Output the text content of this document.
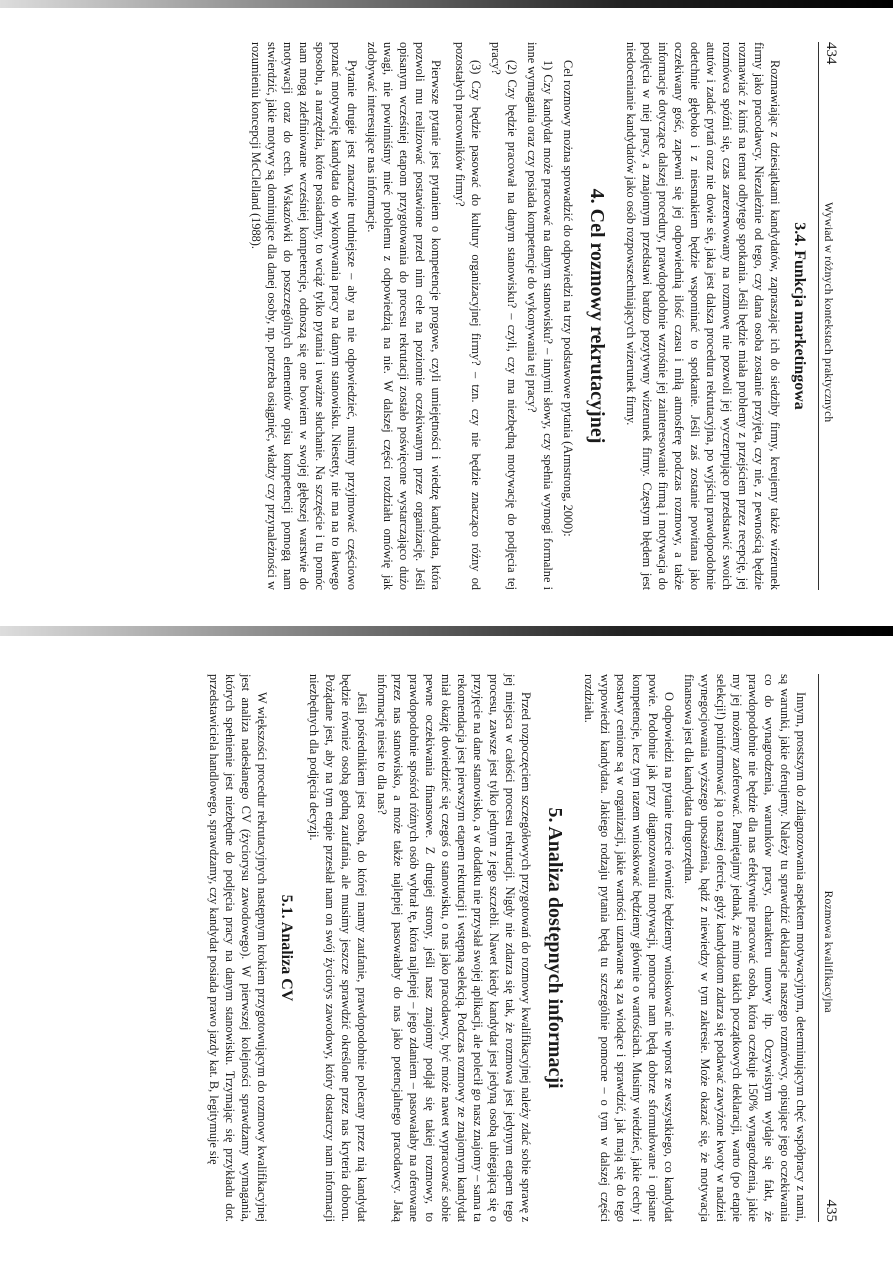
434
Wywiad w różnych kontekstach praktycznych
3.4. Funkcja marketingowa

Rozmawiając z dziesiątkami kandydatów, zapraszając ich do siedziby firmy, kreujemy także wizerunek firmy jako pracodawcy. Niezależnie od tego, czy dana osoba zostanie przyjęta, czy nie, z pewnością będzie rozmawiać z kimś na temat odbytego spotkania. Jeśli będzie miała problemy z przejściem przez recepcję, jej rozmówca spóźni się, czas zarezerwowany na rozmowę nie pozwoli jej wyczerpująco przedstawić swoich atutów i zadać pytań oraz nie dowie się, jaka jest dalsza procedura rekrutacyjna, po wyjściu prawdopodobnie odetchnie głęboko i z niesmakiem będzie wspominać to spotkanie. Jeśli zaś zostanie powitana jako oczekiwany gość, zapewni się jej odpowiednią ilość czasu i miłą atmosferę podczas rozmowy, a także informacje dotyczące dalszej procedury, prawdopodobnie wzrośnie jej zainteresowanie firmą i motywacja do podjęcia w niej pracy, a znajomym przedstawi bardzo pozytywny wizerunek firmy. Częstym błędem jest niedocenianie kandydatów jako osób rozpowszechniających wizerunek firmy.

4. Cel rozmowy rekrutacyjnej

Cel rozmowy można sprowadzić do odpowiedzi na trzy podstawowe pytania (Armstrong, 2000):

1) Czy kandydat może pracować na danym stanowisku? – innymi słowy, czy spełnia wymogi formalne i inne wymagania oraz czy posiada kompetencje do wykonywania tej pracy?

(2) Czy będzie pracował na danym stanowisku? – czyli, czy ma niezbędną motywację do podjęcia tej pracy?

(3) Czy będzie pasować do kultury organizacyjnej firmy? – tzn. czy nie będzie znacząco różny od pozostałych pracowników firmy?

Pierwsze pytanie jest pytaniem o kompetencje progowe, czyli umiejętności i wiedzę kandydata, która pozwoli mu realizować postawione przed nim cele na poziomie oczekiwanym przez organizację. Jeśli opisanym wcześniej etapom przygotowania do procesu rekrutacji zostało poświęcone wystarczająco dużo uwagi, nie powinniśmy mieć problemu z odpowiedzią na nie. W dalszej części rozdziału omówię jak zdobywać interesujące nas informacje.

Pytanie drugie jest znacznie trudniejsze – aby na nie odpowiedzieć, musimy przyjmować częściowo poznać motywację kandydata do wykonywania pracy na danym stanowisku. Niestety, nie ma na to łatwego sposobu, a narzędzia, które posiadamy, to wciąż tylko pytania i uważne słuchanie. Na szczęście i tu pomóc nam mogą zdefiniowane wcześniej kompetencje, odnoszą się one bowiem w swojej głębszej warstwie do motywacji oraz do cech. Wskazówki do poszczególnych elementów opisu kompetencji pomogą nam stwierdzić, jakie motywy są dominujące dla danej osoby, np. potrzeba osiągnięć, władzy czy przynależności w rozumieniu koncepcji McClelland (1988).

Rozmowa kwalifikacyjna
435

Innym, prostszym do zdiagnozowania aspektem motywacyjnym, determinującym chęć współpracy z nami, są warunki, jakie oferujemy. Należy tu sprawdzić deklaracje naszego rozmówcy, opisujące jego oczekiwania co do wynagrodzenia, warunków pracy, charakteru umowy itp. Oczywistym wydaje się fakt, że prawdopodobnie nie będzie dla nas efektywnie pracować osoba, która oczekuje 150% wynagrodzenia, jakie my jej możemy zaoferować. Pamiętajmy jednak, że mimo takich początkowych deklaracji, warto (po etapie selekcji!) poinformować ją o naszej ofercie, gdyż kandydatom zdarza się podawać zawyżone kwoty w nadziei wynegocjowania wyższego uposażenia, bądź z niewiedzy w tym zakresie. Może okazać się, że motywacja finansowa jest dla kandydata drugorzędna.

O odpowiedzi na pytanie trzecie również będziemy wnioskować nie wprost ze wszystkiego, co kandydat powie. Podobnie jak przy diagnozowaniu motywacji, pomocne nam będą dobrze sformułowane i opisane kompetencje, lecz tym razem wnioskować będziemy głównie o wartościach. Musimy wiedzieć, jakie cechy i postawy cenione są w organizacji, jakie wartości uznawane są za wiodące i sprawdzić, jak mają się do tego wypowiedzi kandydata. Jakiego rodzaju pytania będą tu szczególnie pomocne – o tym w dalszej części rozdziału.

5. Analiza dostępnych informacji

Przed rozpoczęciem szczegółowych przygotowań do rozmowy kwalifikacyjnej należy zdać sobie sprawę z jej miejsca w całości procesu rekrutacji. Nigdy nie zdarza się tak, że rozmowa jest jedynym etapem tego procesu, zawsze jest tylko jednym z jego szczebli. Nawet kiedy kandydat jest jedyną osobą ubiegającą się o przyjęcie na dane stanowisko, a w dodatku nie przysłał swojej aplikacji, ale polecił go nasz znajomy – sama ta rekomendacja jest pierwszym etapem rekrutacji i wstępną selekcją. Podczas rozmowy ze znajomym kandydat miał okazję dowiedzieć się czegoś o stanowisku, o nas jako pracodawcy, być może nawet wypracować sobie pewne oczekiwania finansowe. Z drugiej strony, jeśli nasz znajomy podjął się takiej rozmowy, to prawdopodobnie spośród różnych osób wybrał tę, która najlepiej – jego zdaniem – pasowałaby na oferowane przez nas stanowisko, a może także najlepiej pasowałaby do nas jako potencjalnego pracodawcy. Jaką informację niesie to dla nas?

Jeśli pośrednikiem jest osoba, do której mamy zaufanie, prawdopodobnie polecany przez nią kandydat będzie również osobą godną zaufania, ale musimy jeszcze sprawdzić określone przez nas kryteria doboru. Pożądane jest, aby na tym etapie przesłał nam on swój życiorys zawodowy, który dostarczy nam informacji niezbędnych dla podjęcia decyzji.

5.1. Analiza CV

W większości procedur rekrutacyjnych następnym krokiem przygotowującym do rozmowy kwalifikacyjnej jest analiza nadesłanego CV (życiorysu zawodowego). W pierwszej kolejności sprawdzamy wymagania, których spełnienie jest niezbędne do podjęcia pracy na danym stanowisku. Trzymając się przykładu dot. przedstawiciela handlowego, sprawdzamy, czy kandydat posiada prawo jazdy kat. B, legitymuje się
